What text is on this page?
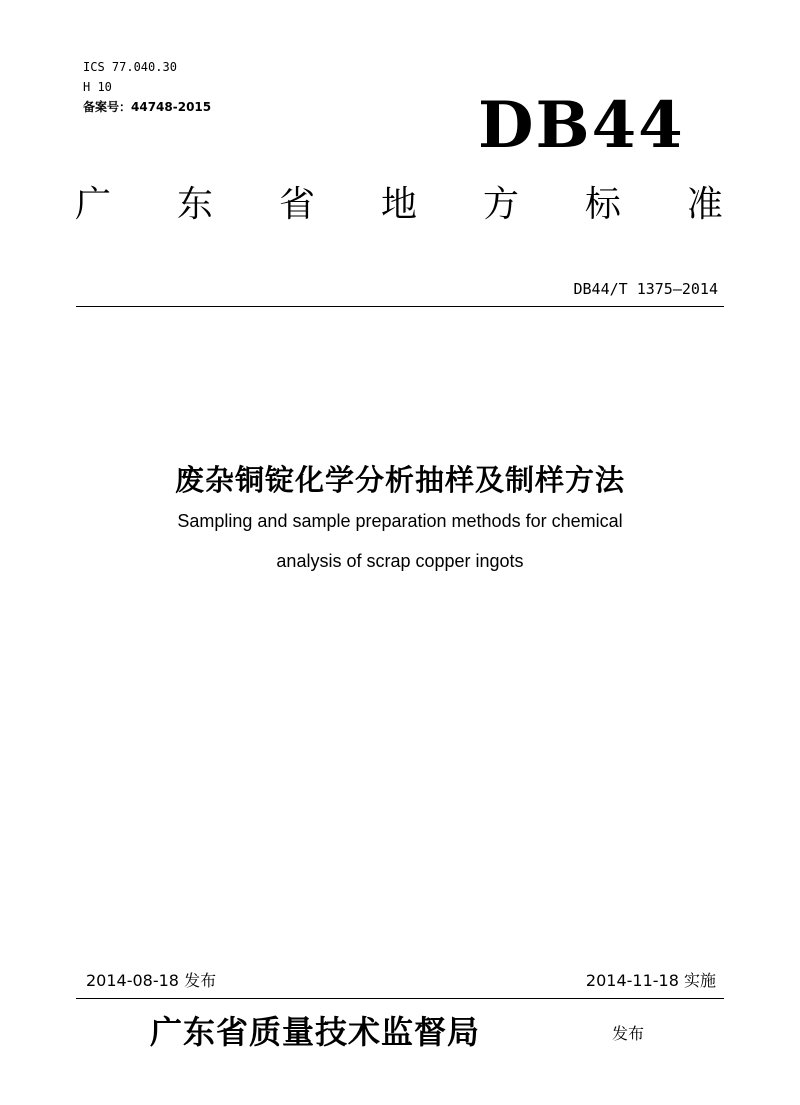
ICS 77.040.30
H 10
备案号：44748-2015	DB44
广 东 省 地 方 标 准
DB44/T 1375—2014
废杂铜锭化学分析抽样及制样方法
Sampling and sample preparation methods for chemical
analysis of scrap copper ingots
2014-08-18 发布	2014-11-18 实施
广东省质量技术监督局	发布
